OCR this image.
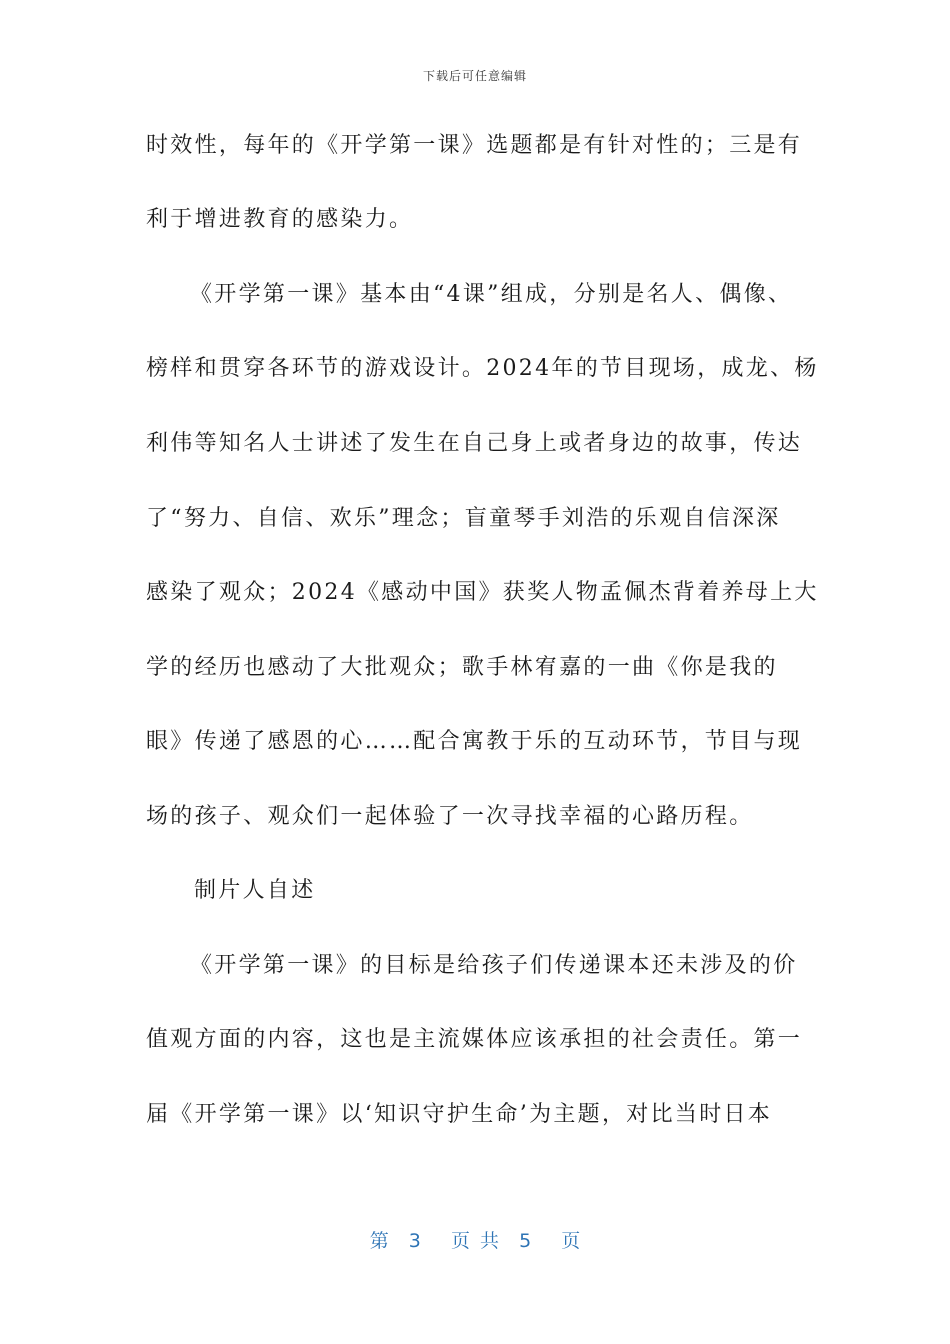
下载后可任意编辑
时效性，每年的《开学第一课》选题都是有针对性的；三是有
利于增进教育的感染力。
《开学第一课》基本由“4课”组成，分别是名人、偶像、
榜样和贯穿各环节的游戏设计。2024年的节目现场，成龙、杨
利伟等知名人士讲述了发生在自己身上或者身边的故事，传达
了“努力、自信、欢乐”理念；盲童琴手刘浩的乐观自信深深
感染了观众；2024《感动中国》获奖人物孟佩杰背着养母上大
学的经历也感动了大批观众；歌手林宥嘉的一曲《你是我的
眼》传递了感恩的心……配合寓教于乐的互动环节，节目与现
场的孩子、观众们一起体验了一次寻找幸福的心路历程。
制片人自述
《开学第一课》的目标是给孩子们传递课本还未涉及的价
值观方面的内容，这也是主流媒体应该承担的社会责任。第一
届《开学第一课》以‘知识守护生命’为主题，对比当时日本
第  3   页 共  5   页
